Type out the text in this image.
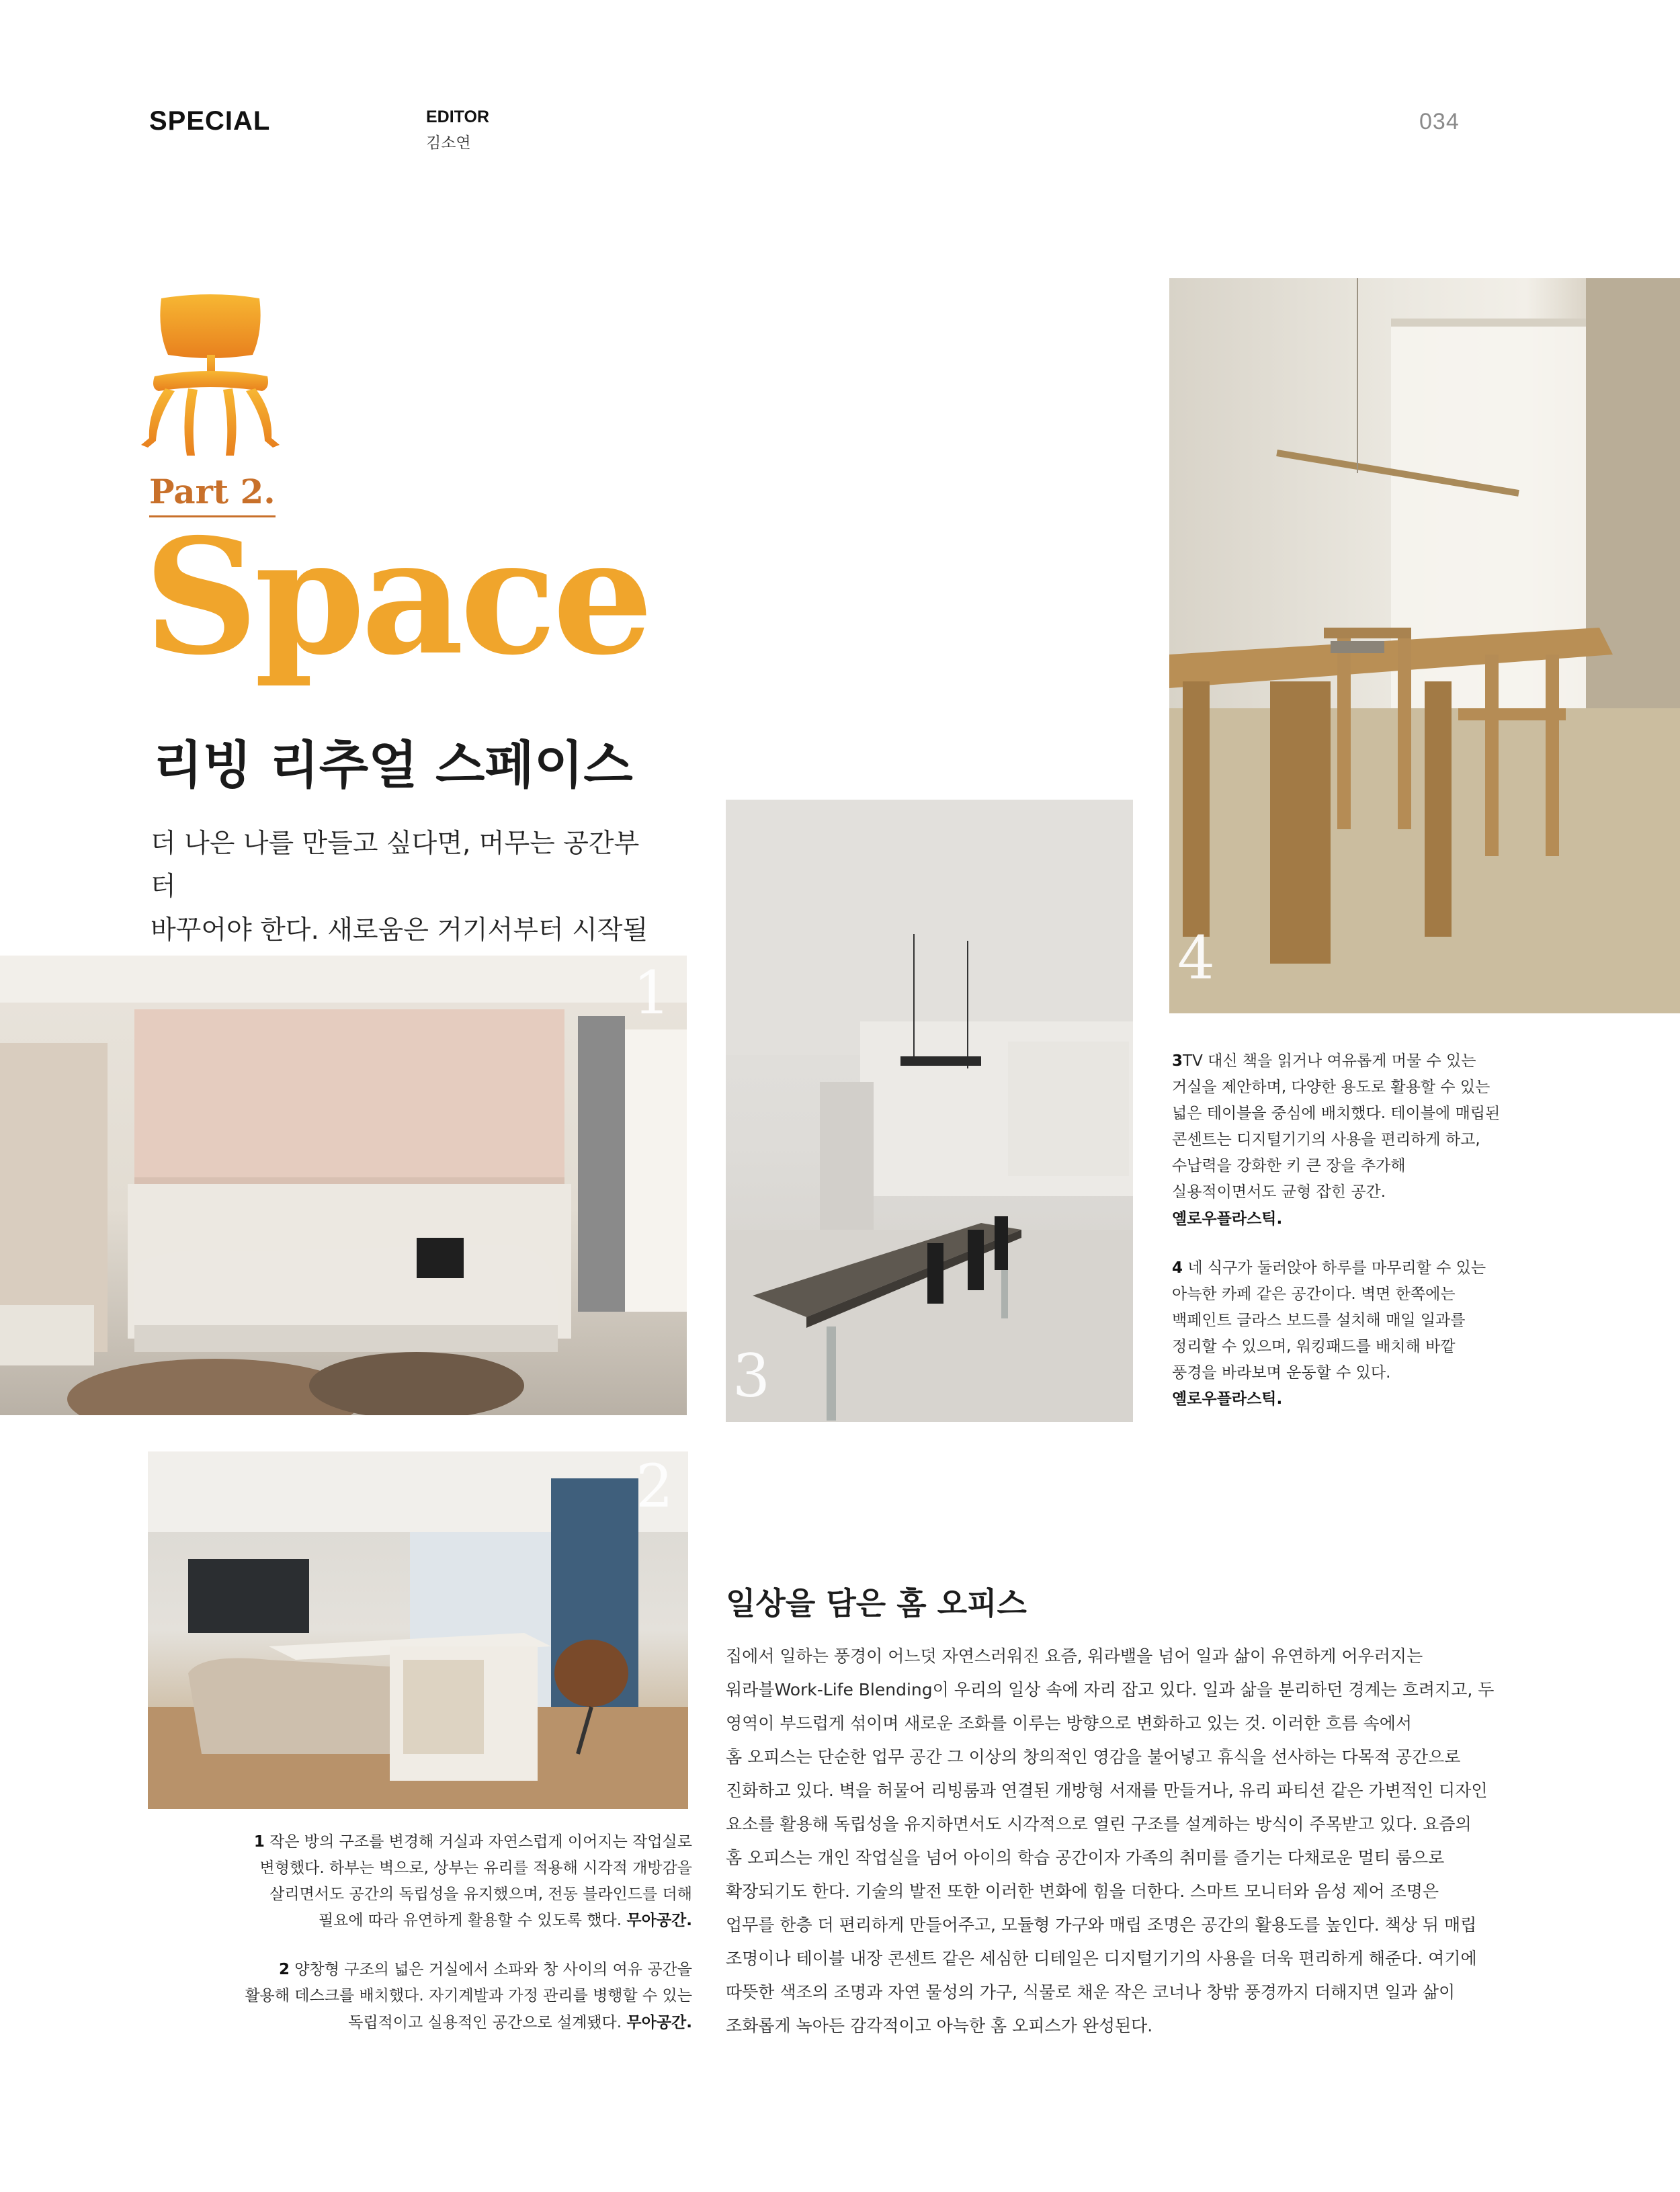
SPECIAL	EDITOR
김소연
034
Part 2.
Space
리빙 리추얼 스페이스
더 나은 나를 만들고 싶다면, 머무는 공간부터
바꾸어야 한다. 새로움은 거기서부터 시작될	4
3
1
2
3TV 대신 책을 읽거나 여유롭게 머물 수 있는
거실을 제안하며, 다양한 용도로 활용할 수 있는
넓은 테이블을 중심에 배치했다. 테이블에 매립된
콘센트는 디지털기기의 사용을 편리하게 하고,
수납력을 강화한 키 큰 장을 추가해
실용적이면서도 균형 잡힌 공간.
옐로우플라스틱.
4 네 식구가 둘러앉아 하루를 마무리할 수 있는
아늑한 카페 같은 공간이다. 벽면 한쪽에는
백페인트 글라스 보드를 설치해 매일 일과를
정리할 수 있으며, 워킹패드를 배치해 바깥
풍경을 바라보며 운동할 수 있다.
옐로우플라스틱.
1 작은 방의 구조를 변경해 거실과 자연스럽게 이어지는 작업실로
변형했다. 하부는 벽으로, 상부는 유리를 적용해 시각적 개방감을
살리면서도 공간의 독립성을 유지했으며, 전동 블라인드를 더해
필요에 따라 유연하게 활용할 수 있도록 했다. 무아공간.
2 양창형 구조의 넓은 거실에서 소파와 창 사이의 여유 공간을
활용해 데스크를 배치했다. 자기계발과 가정 관리를 병행할 수 있는
독립적이고 실용적인 공간으로 설계됐다. 무아공간.
일상을 담은 홈 오피스
집에서 일하는 풍경이 어느덧 자연스러워진 요즘, 워라밸을 넘어 일과 삶이 유연하게 어우러지는
워라블Work-Life Blending이 우리의 일상 속에 자리 잡고 있다. 일과 삶을 분리하던 경계는 흐려지고, 두
영역이 부드럽게 섞이며 새로운 조화를 이루는 방향으로 변화하고 있는 것. 이러한 흐름 속에서
홈 오피스는 단순한 업무 공간 그 이상의 창의적인 영감을 불어넣고 휴식을 선사하는 다목적 공간으로
진화하고 있다. 벽을 허물어 리빙룸과 연결된 개방형 서재를 만들거나, 유리 파티션 같은 가변적인 디자인
요소를 활용해 독립성을 유지하면서도 시각적으로 열린 구조를 설계하는 방식이 주목받고 있다. 요즘의
홈 오피스는 개인 작업실을 넘어 아이의 학습 공간이자 가족의 취미를 즐기는 다채로운 멀티 룸으로
확장되기도 한다. 기술의 발전 또한 이러한 변화에 힘을 더한다. 스마트 모니터와 음성 제어 조명은
업무를 한층 더 편리하게 만들어주고, 모듈형 가구와 매립 조명은 공간의 활용도를 높인다. 책상 뒤 매립
조명이나 테이블 내장 콘센트 같은 세심한 디테일은 디지털기기의 사용을 더욱 편리하게 해준다. 여기에
따뜻한 색조의 조명과 자연 물성의 가구, 식물로 채운 작은 코너나 창밖 풍경까지 더해지면 일과 삶이
조화롭게 녹아든 감각적이고 아늑한 홈 오피스가 완성된다.
